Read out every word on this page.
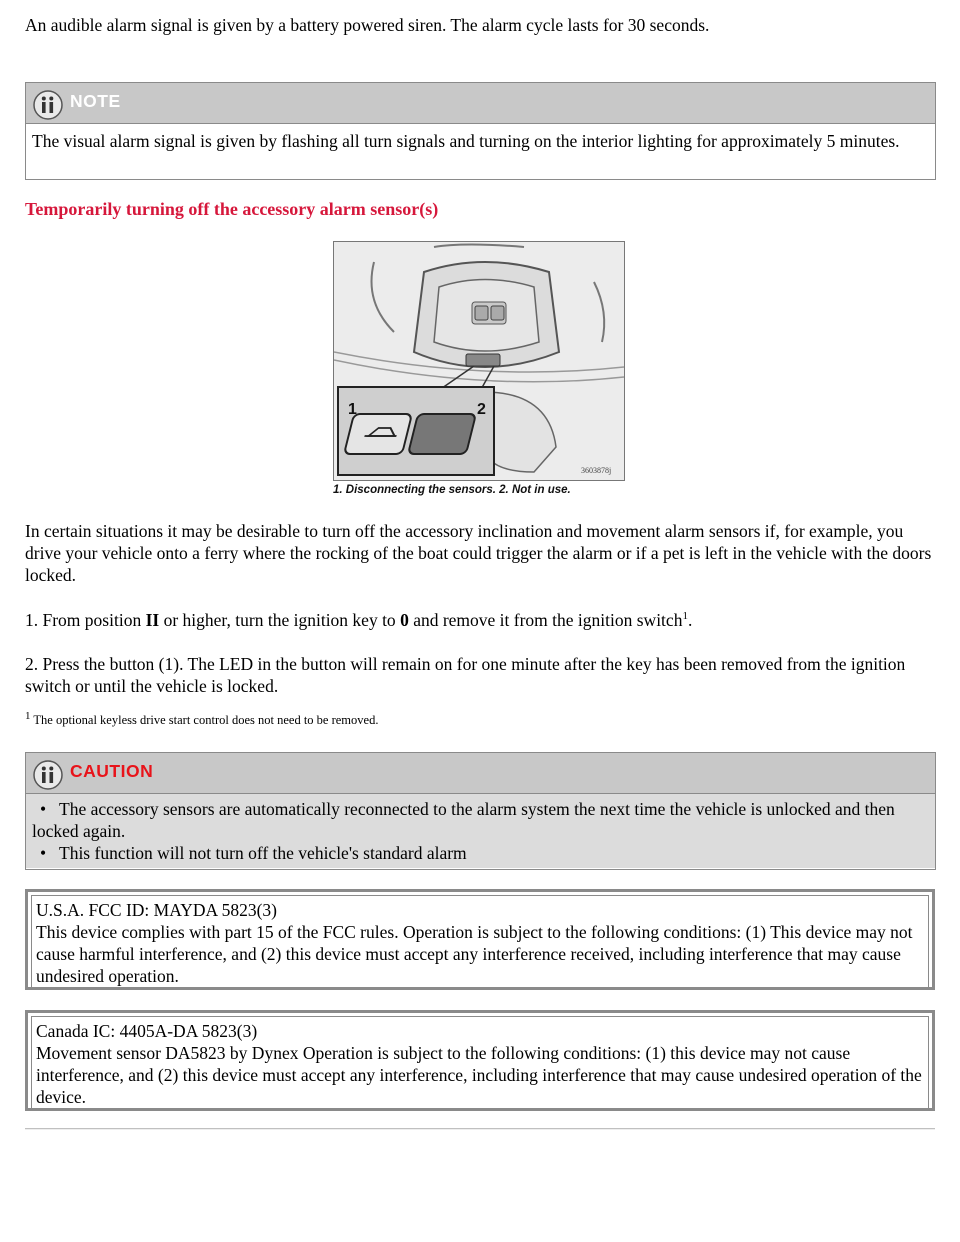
An audible alarm signal is given by a battery powered siren. The alarm cycle lasts for 30 seconds.
NOTE
The visual alarm signal is given by flashing all turn signals and turning on the interior lighting for approximately 5 minutes.
Temporarily turning off the accessory alarm sensor(s)
1	2
3603878j
1. Disconnecting the sensors. 2. Not in use.
In certain situations it may be desirable to turn off the accessory inclination and movement alarm sensors if, for example, you drive your vehicle onto a ferry where the rocking of the boat could trigger the alarm or if a pet is left in the vehicle with the doors locked.
1. From position II or higher, turn the ignition key to 0 and remove it from the ignition switch$^1$.
2. Press the button (1). The LED in the button will remain on for one minute after the key has been removed from the ignition switch or until the vehicle is locked.
$^1$ The optional keyless drive start control does not need to be removed.
CAUTION
• The accessory sensors are automatically reconnected to the alarm system the next time the vehicle is unlocked and then locked again.
• This function will not turn off the vehicle's standard alarm
U.S.A. FCC ID: MAYDA 5823(3)
This device complies with part 15 of the FCC rules. Operation is subject to the following conditions: (1) This device may not cause harmful interference, and (2) this device must accept any interference received, including interference that may cause undesired operation.
Canada IC: 4405A-DA 5823(3)
Movement sensor DA5823 by Dynex Operation is subject to the following conditions: (1) this device may not cause interference, and (2) this device must accept any interference, including interference that may cause undesired operation of the device.
